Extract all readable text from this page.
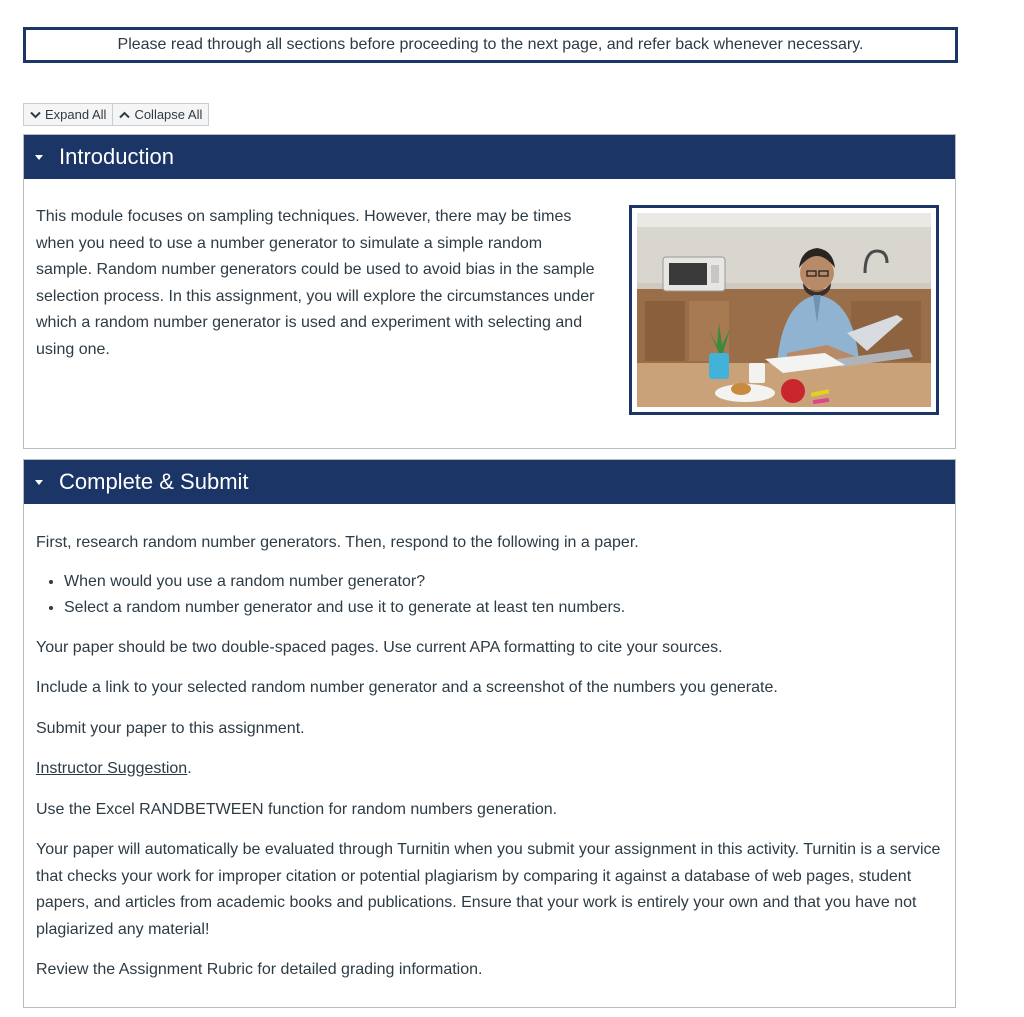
Please read through all sections before proceeding to the next page, and refer back whenever necessary.
Expand All Collapse All
Introduction

This module focuses on sampling techniques. However, there may be times when you need to use a number generator to simulate a simple random sample. Random number generators could be used to avoid bias in the sample selection process. In this assignment, you will explore the circumstances under which a random number generator is used and experiment with selecting and using one.

Complete & Submit

First, research random number generators. Then, respond to the following in a paper.

• When would you use a random number generator?
• Select a random number generator and use it to generate at least ten numbers.

Your paper should be two double-spaced pages. Use current APA formatting to cite your sources.

Include a link to your selected random number generator and a screenshot of the numbers you generate.

Submit your paper to this assignment.

Instructor Suggestion.

Use the Excel RANDBETWEEN function for random numbers generation.

Your paper will automatically be evaluated through Turnitin when you submit your assignment in this activity. Turnitin is a service that checks your work for improper citation or potential plagiarism by comparing it against a database of web pages, student papers, and articles from academic books and publications. Ensure that your work is entirely your own and that you have not plagiarized any material!

Review the Assignment Rubric for detailed grading information.
